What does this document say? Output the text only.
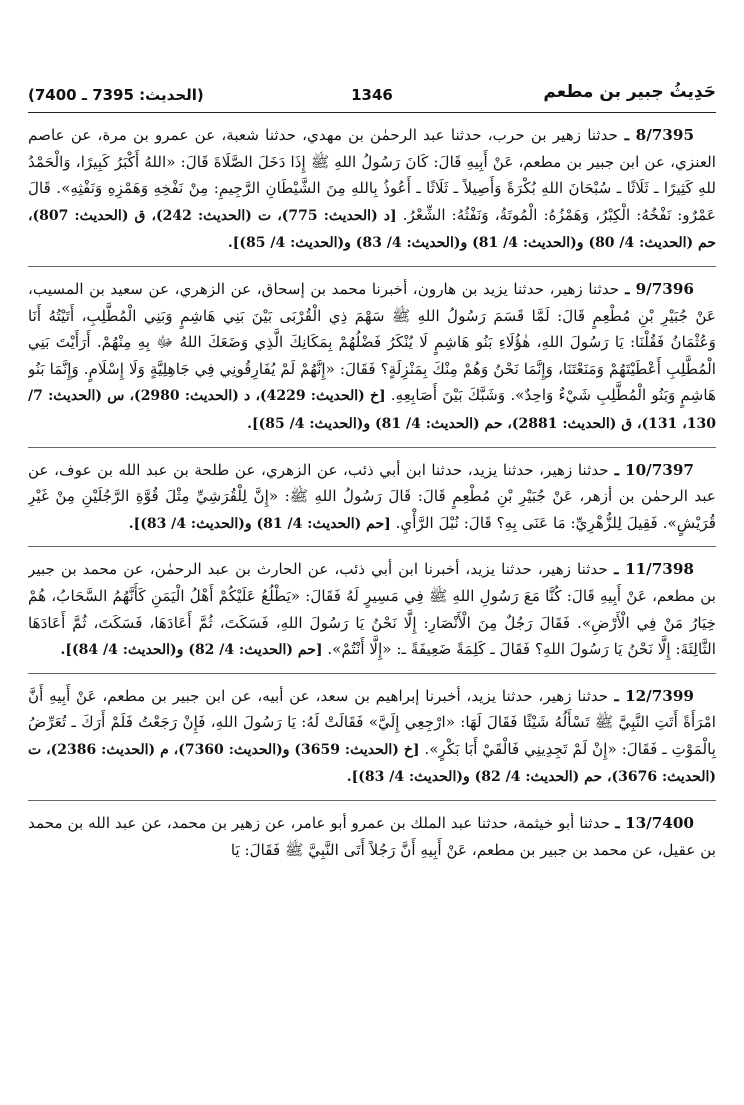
(الحديث: 7395 ـ 7400)	1346	حَدِيثُ جبير بن مطعم

8/7395 ـ حدثنا زهير بن حرب، حدثنا عبد الرحمٰن بن مهدي، حدثنا شعبة، عن عمرو بن مرة، عن عاصم العنزي، عن ابن جبير بن مطعم، عَنْ أَبِيهِ قَالَ: كَانَ رَسُولُ اللهِ ﷺ إِذَا دَخَلَ الصَّلَاةَ قَالَ: «اللهُ أَكْبَرُ كَبِيرًا، وَالْحَمْدُ للهِ كَثِيرًا ـ ثَلَاثًا ـ سُبْحَانَ اللهِ بُكْرَةً وَأَصِيلاً ـ ثَلَاثًا ـ أَعُوذُ بِاللهِ مِنَ الشَّيْطَانِ الرَّجِيمِ: مِنْ نَفْخِهِ وَهَمْزِهِ وَنَفْثِهِ». قَالَ عَمْرٌو: نَفْخُهُ: الْكِبْرُ، وَهَمْزُهُ: الْمُوتَةُ، وَنَفْثُهُ: الشِّعْرُ. [د (الحديث: 775)، ت (الحديث: 242)، ق (الحديث: 807)، حم (الحديث: 4/ 80) و(الحديث: 4/ 81) و(الحديث: 4/ 83) و(الحديث: 4/ 85)].

9/7396 ـ حدثنا زهير، حدثنا يزيد بن هارون، أخبرنا محمد بن إسحاق، عن الزهري، عن سعيد بن المسيب، عَنْ جُبَيْرِ بْنِ مُطْعِمٍ قَالَ: لَمَّا قَسَمَ رَسُولُ اللهِ ﷺ سَهْمَ ذِي الْقُرْبَى بَيْنَ بَنِي هَاشِمٍ وَبَنِي الْمُطَّلِبِ، أَتَيْتُهُ أَنَا وَعُثْمَانُ فَقُلْنَا: يَا رَسُولَ اللهِ، هٰؤُلَاءِ بَنُو هَاشِمٍ لَا يُنْكَرُ فَضْلُهُمْ بِمَكَانِكَ الَّذِي وَضَعَكَ اللهُ ﷻ بِهِ مِنْهُمْ. أَرَأَيْتَ بَنِي الْمُطَّلِبِ أَعْطَيْتَهُمْ وَمَنَعْتَنَا، وَإِنَّمَا نَحْنُ وَهُمْ مِنْكَ بِمَنْزِلَةٍ؟ فَقَالَ: «إِنَّهُمْ لَمْ يُفَارِقُونِي فِي جَاهِلِيَّةٍ وَلَا إِسْلَامٍ. وَإِنَّمَا بَنُو هَاشِمٍ وَبَنُو الْمُطَّلِبِ شَيْءٌ وَاحِدٌ». وَشَبَّكَ بَيْنَ أَصَابِعِهِ. [خ (الحديث: 4229)، د (الحديث: 2980)، س (الحديث: 7/ 130، 131)، ق (الحديث: 2881)، حم (الحديث: 4/ 81) و(الحديث: 4/ 85)].

10/7397 ـ حدثنا زهير، حدثنا يزيد، حدثنا ابن أبي ذئب، عن الزهري، عن طلحة بن عبد الله بن عوف، عن عبد الرحمٰن بن أزهر، عَنْ جُبَيْرِ بْنِ مُطْعِمٍ قَالَ: قَالَ رَسُولُ اللهِ ﷺ: «إِنَّ لِلْقُرَشِيِّ مِثْلَ قُوَّةِ الرَّجُلَيْنِ مِنْ غَيْرِ قُرَيْشٍ». فَقِيلَ لِلزُّهْرِيِّ: مَا عَنَى بِهِ؟ قَالَ: نُبْلَ الرَّأْيِ. [حم (الحديث: 4/ 81) و(الحديث: 4/ 83)].

11/7398 ـ حدثنا زهير، حدثنا يزيد، أخبرنا ابن أبي ذئب، عن الحارث بن عبد الرحمٰن، عن محمد بن جبير بن مطعم، عَنْ أَبِيهِ قَالَ: كُنَّا مَعَ رَسُولِ اللهِ ﷺ فِي مَسِيرٍ لَهُ فَقَالَ: «يَطْلُعُ عَلَيْكُمْ أَهْلُ الْيَمَنِ كَأَنَّهُمُ السَّحَابُ، هُمْ خِيَارُ مَنْ فِي الْأَرْضِ». فَقَالَ رَجُلٌ مِنَ الْأَنْصَارِ: إِلَّا نَحْنُ يَا رَسُولَ اللهِ، فَسَكَتَ، ثُمَّ أَعَادَهَا، فَسَكَتَ، ثُمَّ أَعَادَهَا الثَّالِثَةَ: إِلَّا نَحْنُ يَا رَسُولَ اللهِ؟ فَقَالَ ـ كَلِمَةً ضَعِيفَةً ـ: «إِلَّا أَنْتُمْ». [حم (الحديث: 4/ 82) و(الحديث: 4/ 84)].

12/7399 ـ حدثنا زهير، حدثنا يزيد، أخبرنا إبراهيم بن سعد، عن أبيه، عن ابن جبير بن مطعم، عَنْ أَبِيهِ أَنَّ امْرَأَةً أَتَتِ النَّبِيَّ ﷺ تَسْأَلُهُ شَيْئًا فَقَالَ لَهَا: «ارْجِعِي إِلَيَّ» فَقَالَتْ لَهُ: يَا رَسُولَ اللهِ، فَإِنْ رَجَعْتُ فَلَمْ أَرَكَ ـ تُعَرِّضُ بِالْمَوْتِ ـ فَقَالَ: «إِنْ لَمْ تَجِدِينِي فَالْقَيْ أَبَا بَكْرٍ». [خ (الحديث: 3659) و(الحديث: 7360)، م (الحديث: 2386)، ت (الحديث: 3676)، حم (الحديث: 4/ 82) و(الحديث: 4/ 83)].

13/7400 ـ حدثنا أبو خيثمة، حدثنا عبد الملك بن عمرو أبو عامر، عن زهير بن محمد، عن عبد الله بن محمد بن عقيل، عن محمد بن جبير بن مطعم، عَنْ أَبِيهِ أَنَّ رَجُلاً أَتَى النَّبِيَّ ﷺ فَقَالَ: يَا
